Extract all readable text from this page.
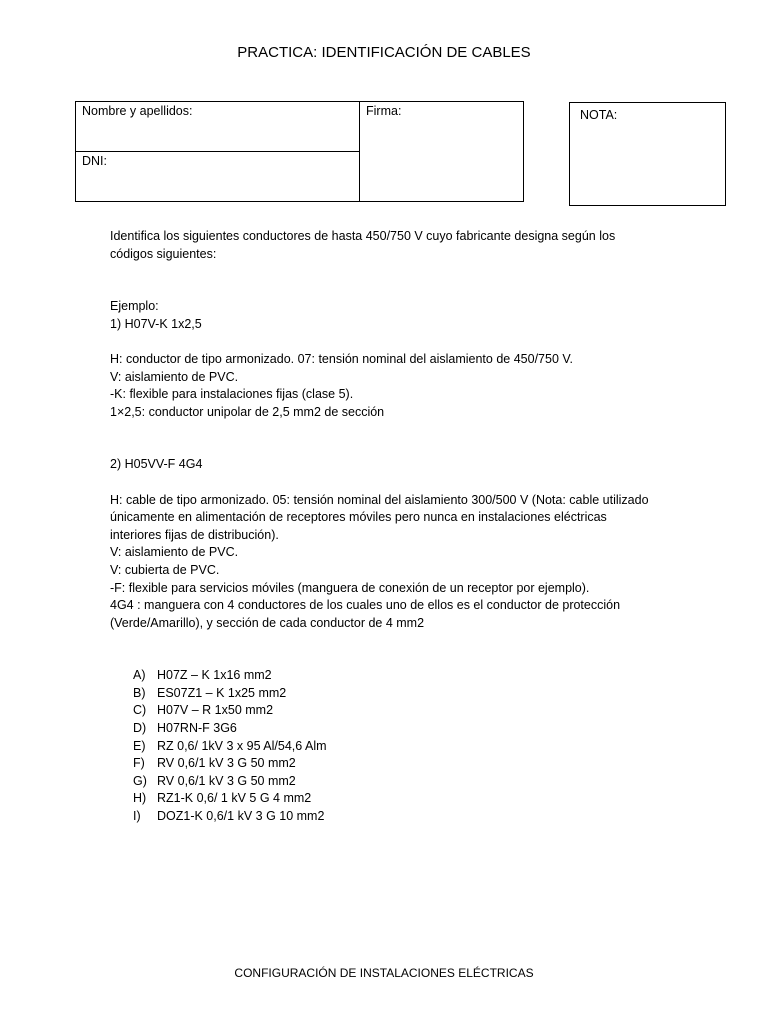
PRACTICA: IDENTIFICACIÓN DE CABLES
Nombre y apellidos:
DNI:
Firma:	NOTA:

Identifica los siguientes conductores de hasta 450/750 V cuyo fabricante designa según los códigos siguientes:

Ejemplo:

1) H07V-K 1x2,5

H: conductor de tipo armonizado. 07: tensión nominal del aislamiento de 450/750 V.

V: aislamiento de PVC.

-K: flexible para instalaciones fijas (clase 5).

1×2,5: conductor unipolar de 2,5 mm2 de sección

2) H05VV-F 4G4

H: cable de tipo armonizado. 05: tensión nominal del aislamiento 300/500 V (Nota: cable utilizado únicamente en alimentación de receptores móviles pero nunca en instalaciones eléctricas interiores fijas de distribución).

V: aislamiento de PVC.

V: cubierta de PVC.

-F: flexible para servicios móviles (manguera de conexión de un receptor por ejemplo).

4G4 : manguera con 4 conductores de los cuales uno de ellos es el conductor de protección (Verde/Amarillo), y sección de cada conductor de 4 mm2

A) H07Z – K 1x16 mm2
B) ES07Z1 – K 1x25 mm2
C) H07V – R 1x50 mm2
D) H07RN-F 3G6
E) RZ 0,6/ 1kV 3 x 95 Al/54,6 Alm
F) RV 0,6/1 kV 3 G 50 mm2
G) RV 0,6/1 kV 3 G 50 mm2
H) RZ1-K 0,6/ 1 kV 5 G 4 mm2
I)	DOZ1-K 0,6/1 kV 3 G 10 mm2
CONFIGURACIÓN DE INSTALACIONES ELÉCTRICAS
